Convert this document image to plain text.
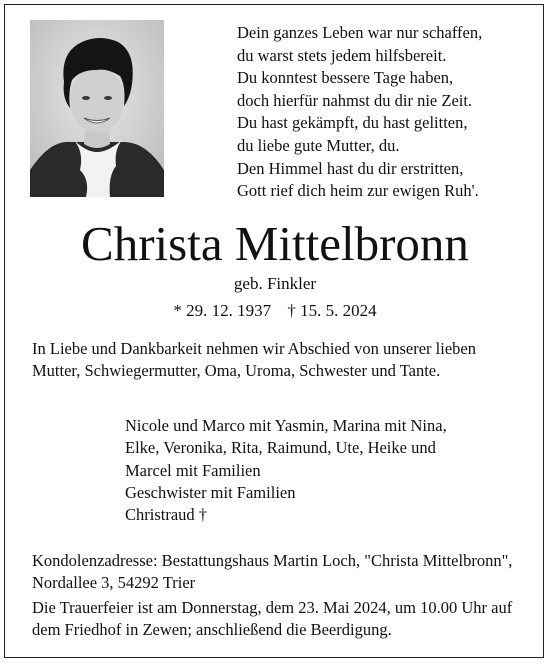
Dein ganzes Leben war nur schaffen,
du warst stets jedem hilfsbereit.
Du konntest bessere Tage haben,
doch hierfür nahmst du dir nie Zeit.
Du hast gekämpft, du hast gelitten,
du liebe gute Mutter, du.
Den Himmel hast du dir erstritten,
Gott rief dich heim zur ewigen Ruh'.
Christa Mittelbronn
geb. Finkler
* 29. 12. 1937 † 15. 5. 2024
In Liebe und Dankbarkeit nehmen wir Abschied von unserer lieben Mutter, Schwiegermutter, Oma, Uroma, Schwester und Tante.
Nicole und Marco mit Yasmin, Marina mit Nina,
Elke, Veronika, Rita, Raimund, Ute, Heike und
Marcel mit Familien
Geschwister mit Familien
Christraud †
Kondolenzadresse: Bestattungshaus Martin Loch, "Christa Mittelbronn", Nordallee 3, 54292 Trier
Die Trauerfeier ist am Donnerstag, dem 23. Mai 2024, um 10.00 Uhr auf dem Friedhof in Zewen; anschließend die Beerdigung.
